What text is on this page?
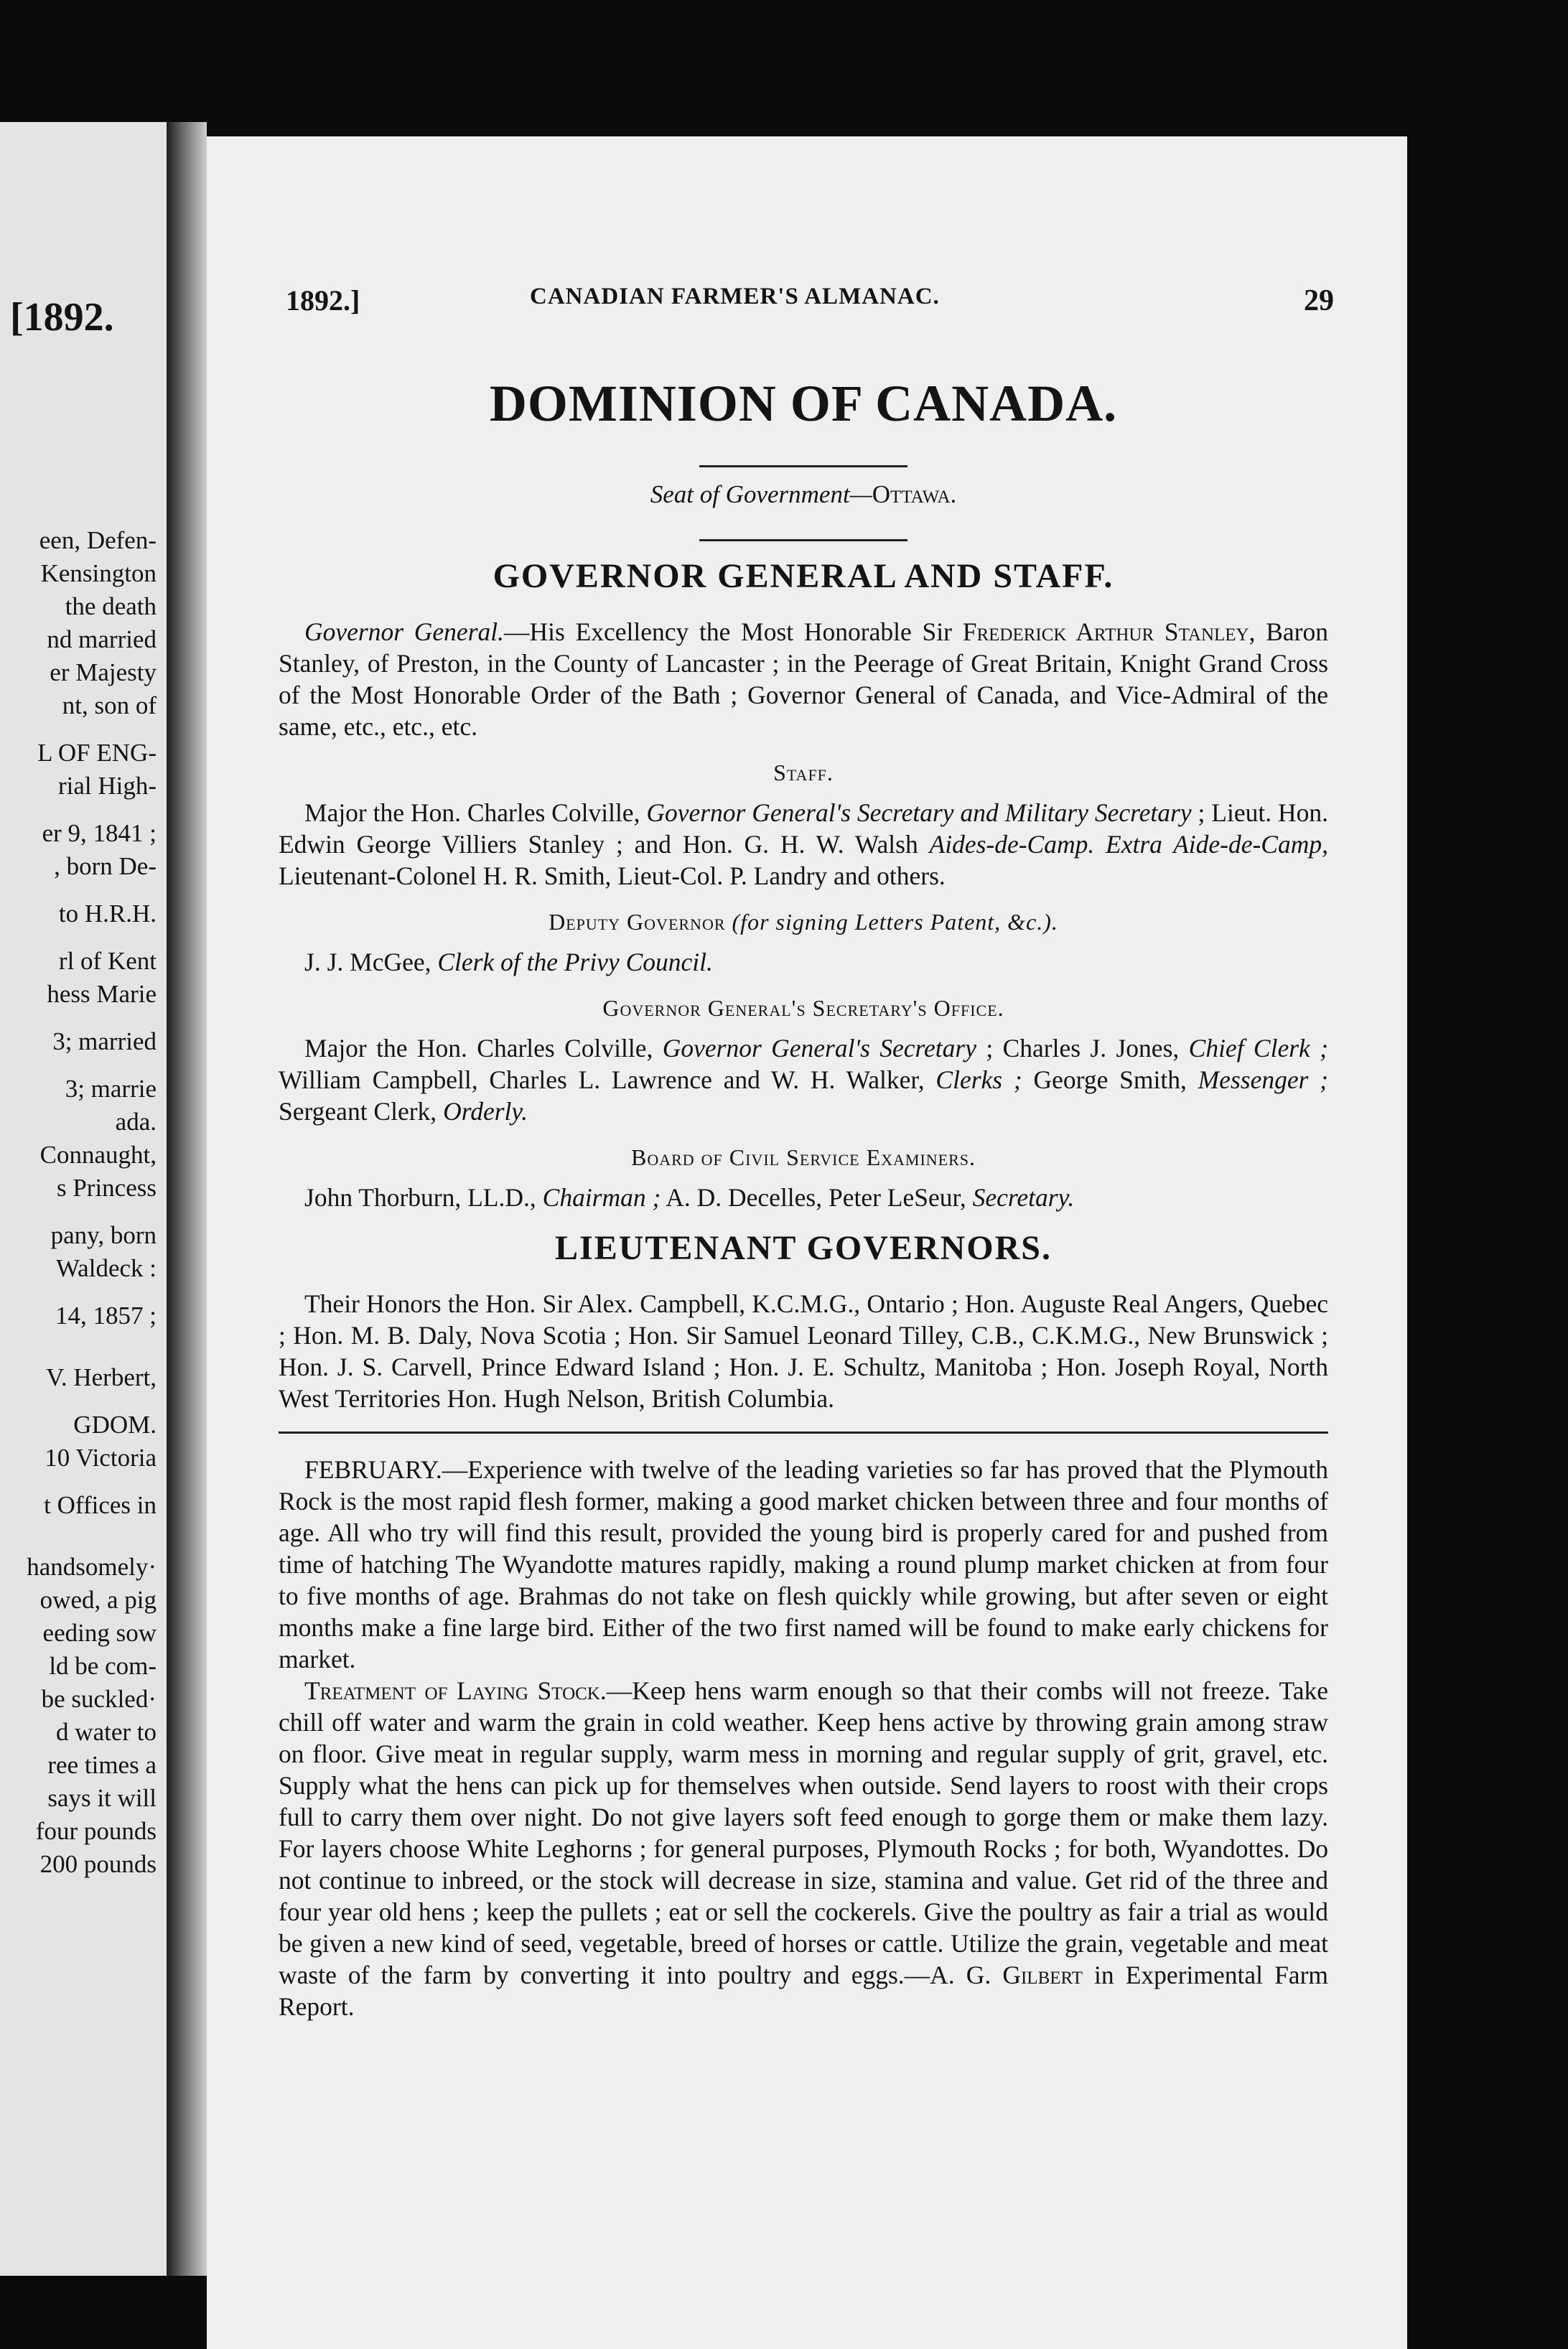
[1892.
een, Defen-
Kensington
the death
nd married
er Majesty
nt, son of
L OF ENG-
rial High-
er 9, 1841 ;
, born De-
to H.R.H.
rl of Kent
hess Marie
3; married
3; marrie
ada.
Connaught,
s Princess
pany, born
Waldeck :
14, 1857 ;
V. Herbert,
GDOM.
10 Victoria
t Offices in
handsomely·
owed, a pig
eeding sow
ld be com-
be suckled·
d water to
ree times a
says it will
four pounds
200 pounds
1892.]	CANADIAN FARMER'S ALMANAC.	29
DOMINION OF CANADA.
Seat of Government—Ottawa.
GOVERNOR GENERAL AND STAFF.

Governor General.—His Excellency the Most Honorable Sir Frederick Arthur Stanley, Baron Stanley, of Preston, in the County of Lancaster ; in the Peerage of Great Britain, Knight Grand Cross of the Most Honorable Order of the Bath ; Governor General of Canada, and Vice-Admiral of the same, etc., etc., etc.

Staff.

Major the Hon. Charles Colville, Governor General's Secretary and Military Secretary ; Lieut. Hon. Edwin George Villiers Stanley ; and Hon. G. H. W. Walsh Aides-de-Camp. Extra Aide-de-Camp, Lieutenant-Colonel H. R. Smith, Lieut-Col. P. Landry and others.

Deputy Governor (for signing Letters Patent, &c.).

J. J. McGee, Clerk of the Privy Council.

Governor General's Secretary's Office.

Major the Hon. Charles Colville, Governor General's Secretary ; Charles J. Jones, Chief Clerk ; William Campbell, Charles L. Lawrence and W. H. Walker, Clerks ; George Smith, Messenger ; Sergeant Clerk, Orderly.

Board of Civil Service Examiners.

John Thorburn, LL.D., Chairman ; A. D. Decelles, Peter LeSeur, Secretary.

LIEUTENANT GOVERNORS.

Their Honors the Hon. Sir Alex. Campbell, K.C.M.G., Ontario ; Hon. Auguste Real Angers, Quebec ; Hon. M. B. Daly, Nova Scotia ; Hon. Sir Samuel Leonard Tilley, C.B., C.K.M.G., New Brunswick ; Hon. J. S. Carvell, Prince Edward Island ; Hon. J. E. Schultz, Manitoba ; Hon. Joseph Royal, North West Territories Hon. Hugh Nelson, British Columbia.

FEBRUARY.—Experience with twelve of the leading varieties so far has proved that the Plymouth Rock is the most rapid flesh former, making a good market chicken between three and four months of age. All who try will find this result, provided the young bird is properly cared for and pushed from time of hatching The Wyandotte matures rapidly, making a round plump market chicken at from four to five months of age. Brahmas do not take on flesh quickly while growing, but after seven or eight months make a fine large bird. Either of the two first named will be found to make early chickens for market.

Treatment of Laying Stock.—Keep hens warm enough so that their combs will not freeze. Take chill off water and warm the grain in cold weather. Keep hens active by throwing grain among straw on floor. Give meat in regular supply, warm mess in morning and regular supply of grit, gravel, etc. Supply what the hens can pick up for themselves when outside. Send layers to roost with their crops full to carry them over night. Do not give layers soft feed enough to gorge them or make them lazy. For layers choose White Leghorns ; for general purposes, Plymouth Rocks ; for both, Wyandottes. Do not continue to inbreed, or the stock will decrease in size, stamina and value. Get rid of the three and four year old hens ; keep the pullets ; eat or sell the cockerels. Give the poultry as fair a trial as would be given a new kind of seed, vegetable, breed of horses or cattle. Utilize the grain, vegetable and meat waste of the farm by converting it into poultry and eggs.—A. G. Gilbert in Experimental Farm Report.
